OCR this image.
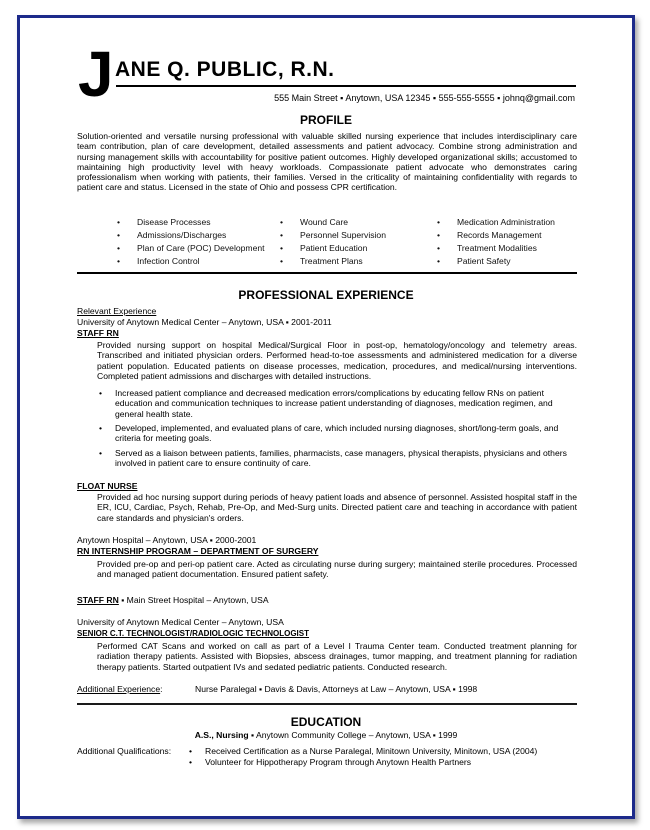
J ANE Q. PUBLIC, R.N.
555 Main Street ▪ Anytown, USA 12345 ▪ 555-555-5555 ▪ johnq@gmail.com
PROFILE
Solution-oriented and versatile nursing professional with valuable skilled nursing experience that includes interdisciplinary care team contribution, plan of care development, detailed assessments and patient advocacy. Combine strong administration and nursing management skills with accountability for positive patient outcomes. Highly developed organizational skills; accustomed to maintaining high productivity level with heavy workloads. Compassionate patient advocate who demonstrates caring professionalism when working with patients, their families. Versed in the criticality of maintaining confidentiality with regards to patient care and status. Licensed in the state of Ohio and possess CPR certification.
• Disease Processes
• Admissions/Discharges
• Plan of Care (POC) Development
• Infection Control
• Wound Care
• Personnel Supervision
• Patient Education
• Treatment Plans
• Medication Administration
• Records Management
• Treatment Modalities
• Patient Safety
PROFESSIONAL EXPERIENCE
Relevant Experience
University of Anytown Medical Center – Anytown, USA ▪ 2001-2011
STAFF RN
Provided nursing support on hospital Medical/Surgical Floor in post-op, hematology/oncology and telemetry areas. Transcribed and initiated physician orders. Performed head-to-toe assessments and administered medication for a diverse patient population. Educated patients on disease processes, medication, procedures, and medical/nursing interventions. Completed patient admissions and discharges with detailed instructions.
• Increased patient compliance and decreased medication errors/complications by educating fellow RNs on patient education and communication techniques to increase patient understanding of diagnoses, medication regimen, and general health state.
• Developed, implemented, and evaluated plans of care, which included nursing diagnoses, short/long-term goals, and criteria for meeting goals.
• Served as a liaison between patients, families, pharmacists, case managers, physical therapists, physicians and others involved in patient care to ensure continuity of care.
FLOAT NURSE
Provided ad hoc nursing support during periods of heavy patient loads and absence of personnel. Assisted hospital staff in the ER, ICU, Cardiac, Psych, Rehab, Pre-Op, and Med-Surg units. Directed patient care and teaching in accordance with patient care standards and physician's orders.
Anytown Hospital – Anytown, USA ▪ 2000-2001
RN INTERNSHIP PROGRAM – DEPARTMENT OF SURGERY
Provided pre-op and peri-op patient care. Acted as circulating nurse during surgery; maintained sterile procedures. Processed and managed patient documentation. Ensured patient safety.
STAFF RN ▪ Main Street Hospital – Anytown, USA
University of Anytown Medical Center – Anytown, USA
SENIOR C.T. TECHNOLOGIST/RADIOLOGIC TECHNOLOGIST
Performed CAT Scans and worked on call as part of a Level I Trauma Center team. Conducted treatment planning for radiation therapy patients. Assisted with Biopsies, abscess drainages, tumor mapping, and treatment planning for radiation therapy patients. Started outpatient IVs and sedated pediatric patients. Conducted research.
Additional Experience:	Nurse Paralegal ▪ Davis & Davis, Attorneys at Law – Anytown, USA ▪ 1998
EDUCATION
A.S., Nursing ▪ Anytown Community College – Anytown, USA ▪ 1999
Additional Qualifications: • Received Certification as a Nurse Paralegal, Minitown University, Minitown, USA (2004)
• Volunteer for Hippotherapy Program through Anytown Health Partners
